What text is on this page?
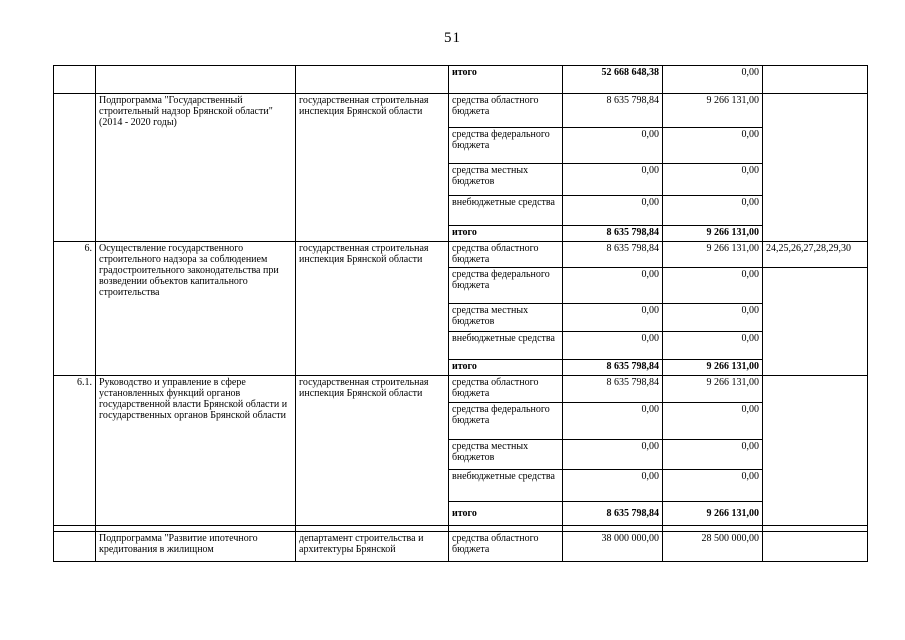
51
			итого	52 668 648,38	0,00	
	Подпрограмма "Государственный строительный надзор Брянской области" (2014 - 2020 годы)	государственная строительная инспекция Брянской области	средства областного бюджета	8 635 798,84	9 266 131,00	
			средства федерального бюджета	0,00	0,00	
			средства местных бюджетов	0,00	0,00	
			внебюджетные средства	0,00	0,00	
			итого	8 635 798,84	9 266 131,00	
6.	Осуществление государственного строительного надзора за соблюдением градостроительного законодательства при возведении объектов капитального строительства	государственная строительная инспекция Брянской области	средства областного бюджета	8 635 798,84	9 266 131,00	24,25,26,27,28,29,30
			средства федерального бюджета	0,00	0,00	
			средства местных бюджетов	0,00	0,00	
			внебюджетные средства	0,00	0,00	
			итого	8 635 798,84	9 266 131,00	
6.1.	Руководство и управление в сфере установленных функций органов государственной власти Брянской области и государственных органов Брянской области	государственная строительная инспекция Брянской области	средства областного бюджета	8 635 798,84	9 266 131,00	
			средства федерального бюджета	0,00	0,00	
			средства местных бюджетов	0,00	0,00	
			внебюджетные средства	0,00	0,00	
			итого	8 635 798,84	9 266 131,00	

	Подпрограмма "Развитие ипотечного кредитования в жилищном	департамент строительства и архитектуры Брянской	средства областного бюджета	38 000 000,00	28 500 000,00	
